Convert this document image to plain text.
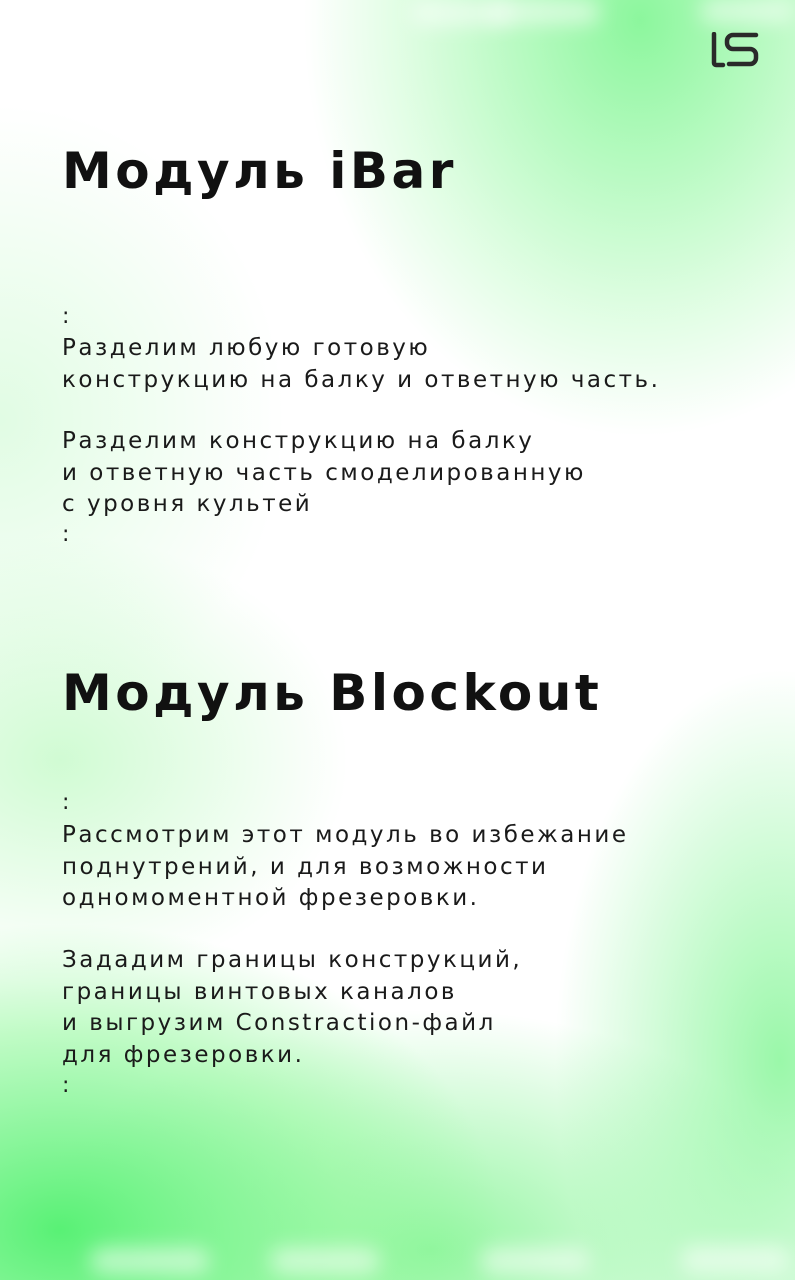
Модуль iBar

:

Разделим любую готовую
конструкцию на балку и ответную часть.

Разделим конструкцию на балку
и ответную часть смоделированную
с уровня культей

:

Модуль Blockout

:

Рассмотрим этот модуль во избежание
поднутрений, и для возможности
одномоментной фрезеровки.

Зададим границы конструкций,
границы винтовых каналов
и выгрузим Constraction-файл
для фрезеровки.

:
